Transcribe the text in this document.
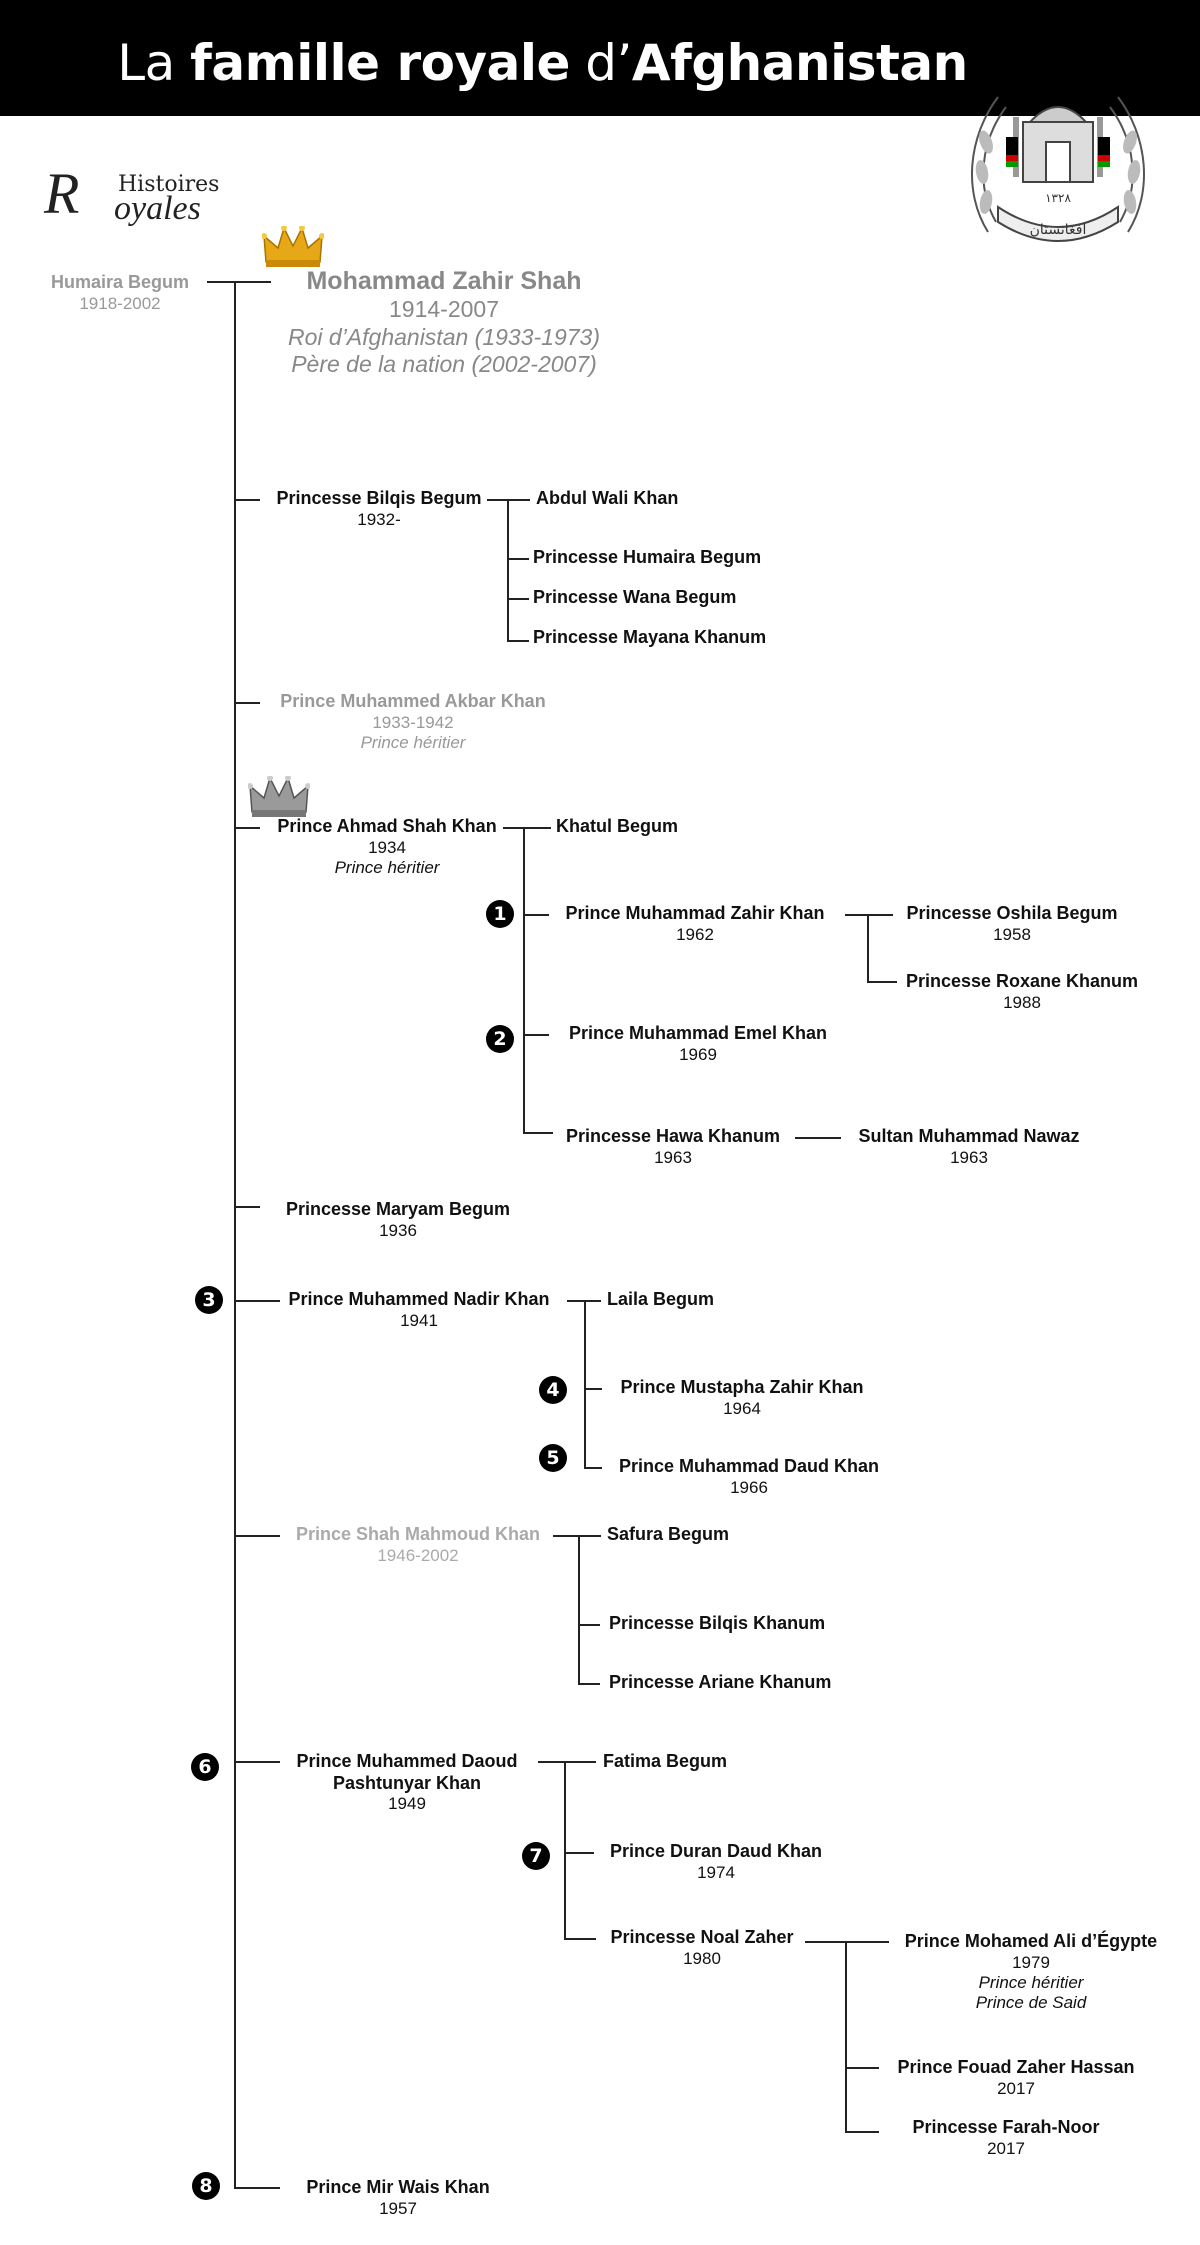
La famille royale d’Afghanistan
Histoires
R oyales	۱۳۲۸
افغانستان
Humaira Begum
1918-2002
Mohammad Zahir Shah
1914-2007
Roi d’Afghanistan (1933-1973)
Père de la nation (2002-2007)
Princesse Bilqis Begum
1932-
Abdul Wali Khan
Princesse Humaira Begum
Princesse Wana Begum
Princesse Mayana Khanum
Prince Muhammed Akbar Khan
1933-1942
Prince héritier
Prince Ahmad Shah Khan
1934
Prince héritier
Khatul Begum
Prince Muhammad Zahir Khan
1962
Princesse Oshila Begum
1958
Princesse Roxane Khanum
1988
Prince Muhammad Emel Khan
1969
Princesse Hawa Khanum
1963
Sultan Muhammad Nawaz
1963
Princesse Maryam Begum
1936
Prince Muhammed Nadir Khan
1941
Laila Begum
Prince Mustapha Zahir Khan
1964
Prince Muhammad Daud Khan
1966
Prince Shah Mahmoud Khan
1946-2002
Safura Begum
Princesse Bilqis Khanum
Princesse Ariane Khanum
Prince Muhammed Daoud
Pashtunyar Khan
1949
Fatima Begum
Prince Duran Daud Khan
1974
Princesse Noal Zaher
1980
Prince Mohamed Ali d’Égypte
1979
Prince héritier
Prince de Said
Prince Fouad Zaher Hassan
2017
Princesse Farah-Noor
2017
Prince Mir Wais Khan
1957
1
2
3
4
5
6
7
8
